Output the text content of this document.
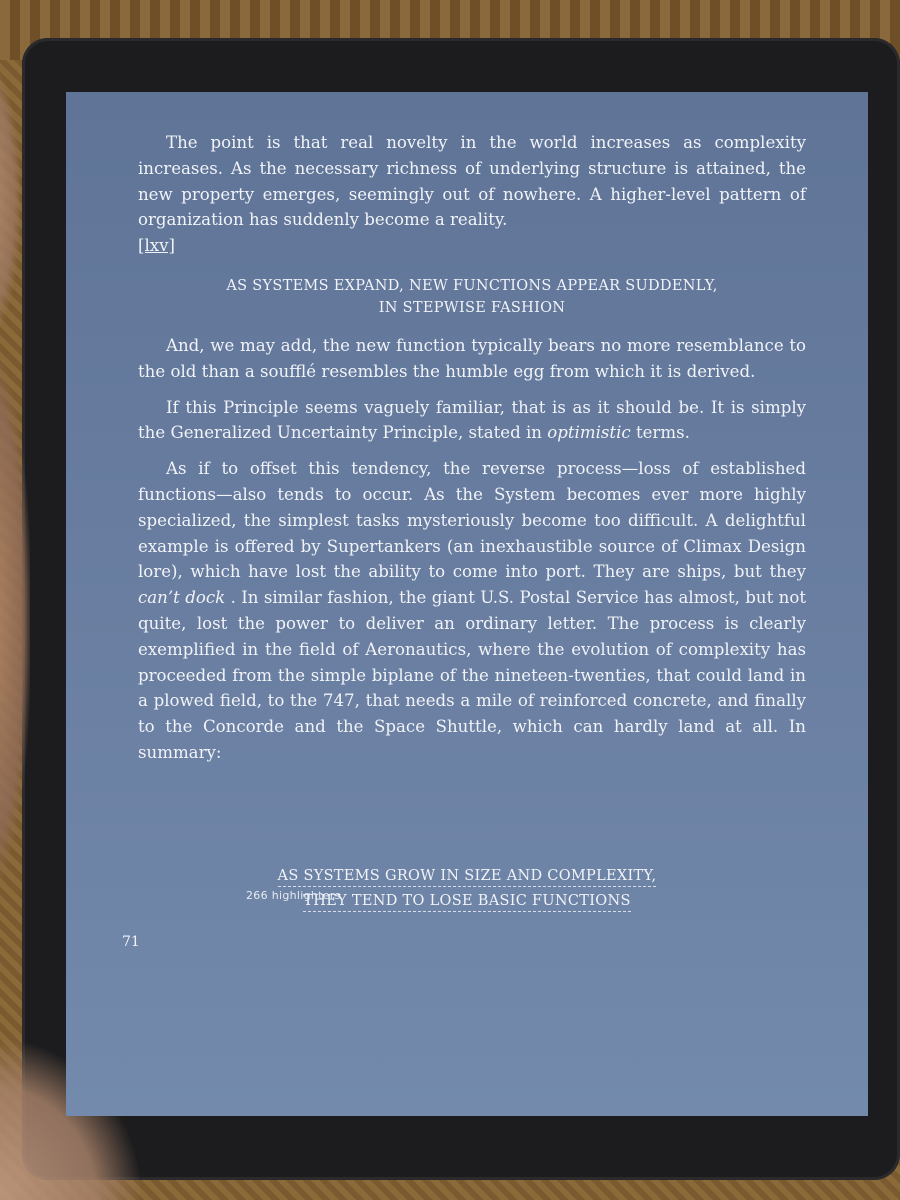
The point is that real novelty in the world increases as complexity increases. As the necessary richness of underlying structure is attained, the new property emerges, seemingly out of nowhere. A higher-level pattern of organization has suddenly become a reality.
[lxv]

AS SYSTEMS EXPAND, NEW FUNCTIONS APPEAR SUDDENLY,
IN STEPWISE FASHION

And, we may add, the new function typically bears no more resemblance to the old than a soufflé resembles the humble egg from which it is derived.

If this Principle seems vaguely familiar, that is as it should be. It is simply the Generalized Uncertainty Principle, stated in optimistic terms.

As if to offset this tendency, the reverse process—loss of established functions—also tends to occur. As the System becomes ever more highly specialized, the simplest tasks mysteriously become too difficult. A delightful example is offered by Supertankers (an inexhaustible source of Climax Design lore), which have lost the ability to come into port. They are ships, but they can’t dock . In similar fashion, the giant U.S. Postal Service has almost, but not quite, lost the power to deliver an ordinary letter. The process is clearly exemplified in the field of Aeronautics, where the evolution of complexity has proceeded from the simple biplane of the nineteen-twenties, that could land in a plowed field, to the 747, that needs a mile of reinforced concrete, and finally to the Concorde and the Space Shuttle, which can hardly land at all. In summary:

266 highlighters
AS SYSTEMS GROW IN SIZE AND COMPLEXITY,
THEY TEND TO LOSE BASIC FUNCTIONS
71
